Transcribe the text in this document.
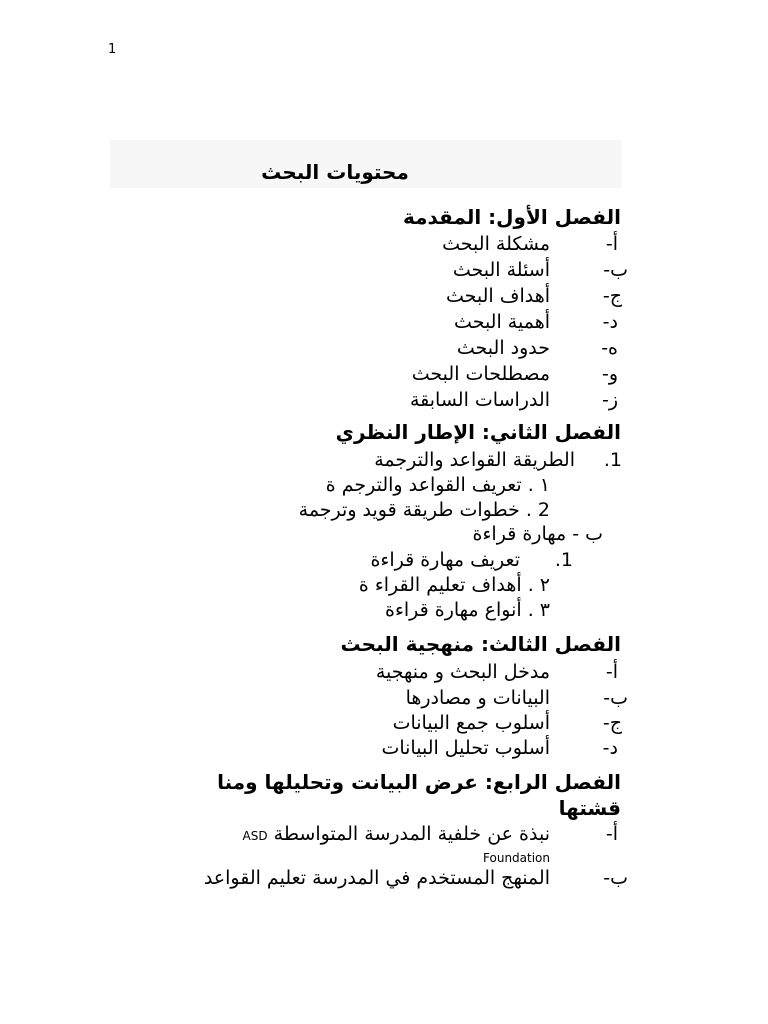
1
محتويات البحث
الفصل الأول: المقدمة
أ-
مشكلة البحث
ب-
أسئلة البحث
ج-
أهداف البحث
د-
أهمية البحث
ه-
حدود البحث
و-
مصطلحات البحث
ز-
الدراسات السابقة
الفصل الثاني: الإطار النظري
1.
الطريقة القواعد والترجمة
١ . تعريف القواعد والترجم ة
2 . خطوات طريقة قويد وترجمة
ب - مهارة قراءة
1.
تعريف مهارة قراءة
٢ . أهداف تعليم القراء ة
٣ . أنواع مهارة قراءة
الفصل الثالث: منهجية البحث
أ-
مدخل البحث و منهجية
ب-
البيانات و مصادرها
ج-
أسلوب جمع البيانات
د-
أسلوب تحليل البيانات
الفصل الرابع: عرض البيانت وتحليلها ومنا
قشتها
أ-
نبذة عن خلفية المدرسة المتواسطة ASD
Foundation
ب-
المنهج المستخدم في المدرسة تعليم القواعد
